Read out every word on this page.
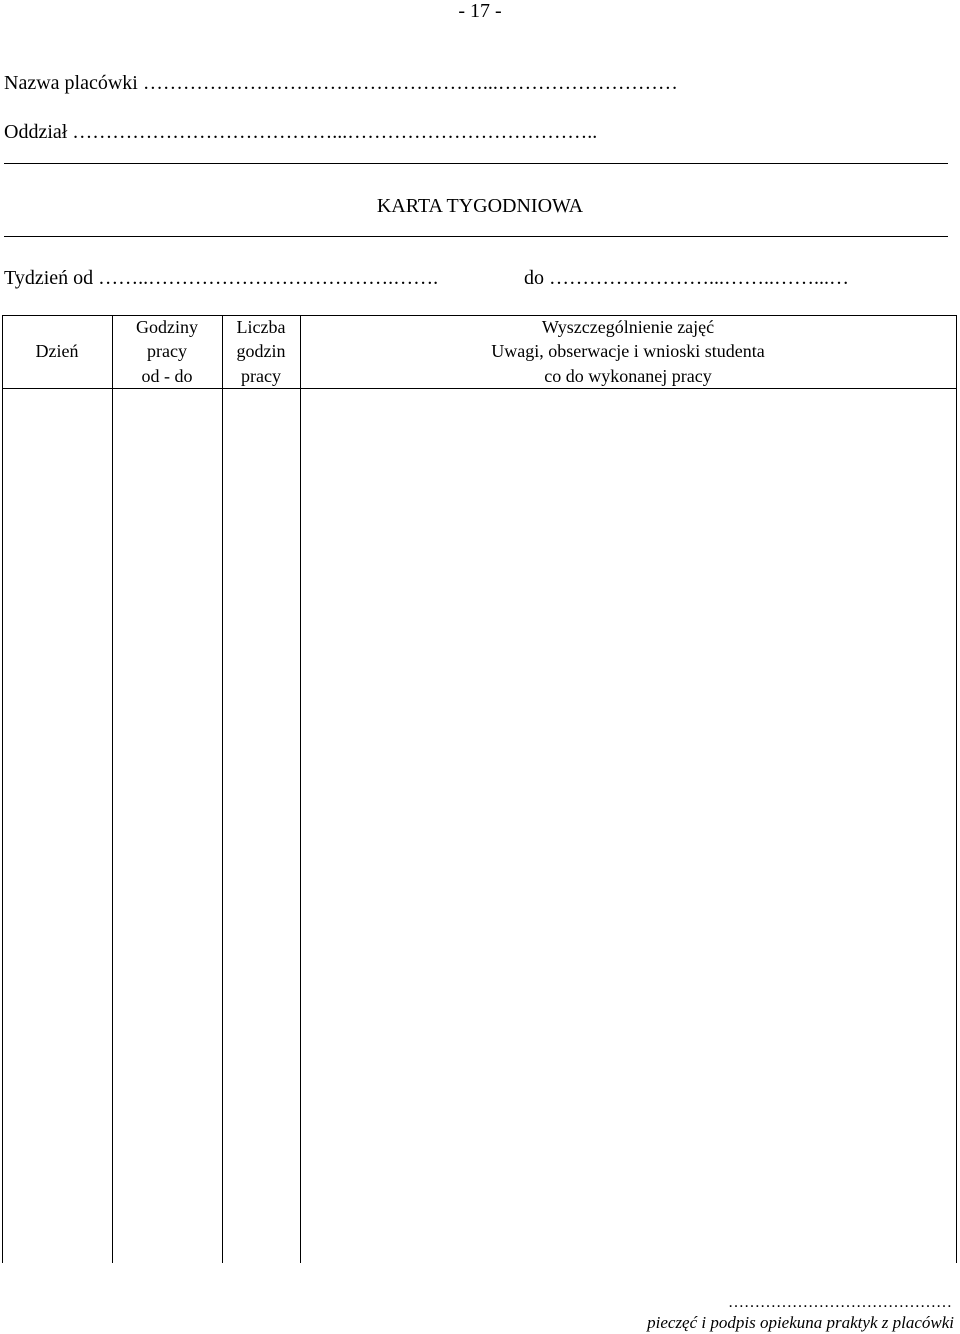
- 17 -
Nazwa placówki ……………………………………………...………………………
Oddział …………………………………...………………………………..
KARTA TYGODNIOWA
Tydzień od ……..……………………………….…….	do ……………………...……..……...…
Dzień
Godziny
pracy
od - do
Liczba
godzin
pracy
Wyszczególnienie zajęć
Uwagi, obserwacje i wnioski studenta
co do wykonanej pracy
……………………………………
pieczęć i podpis opiekuna praktyk z placówki
